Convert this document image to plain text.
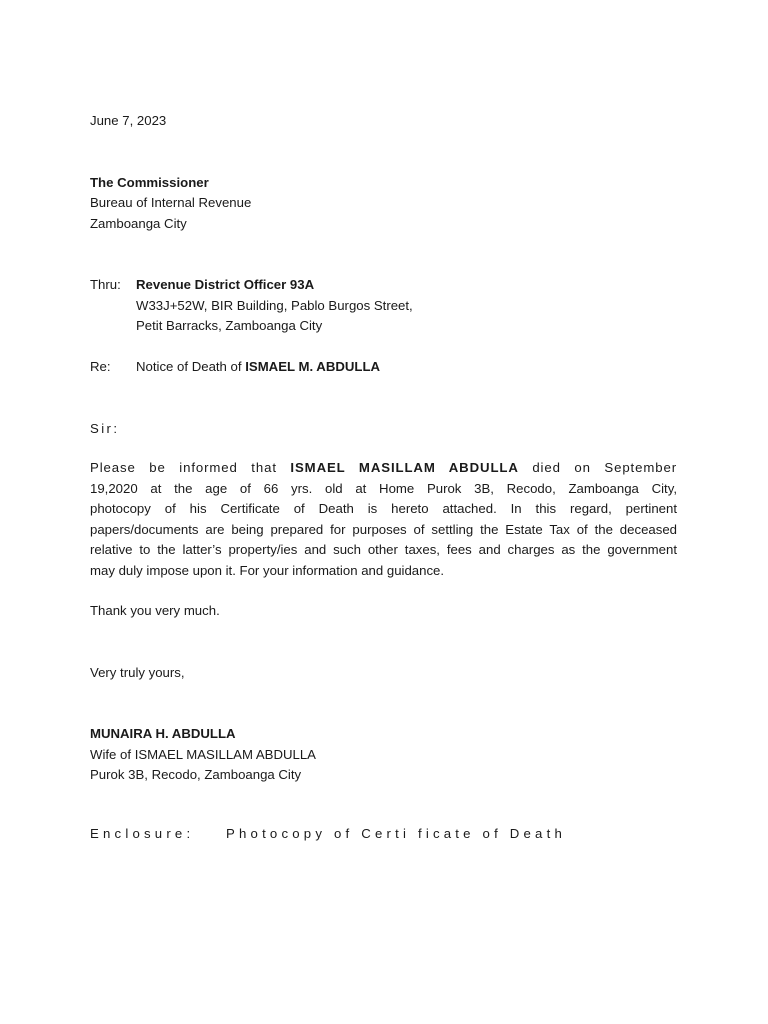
June 7, 2023
The Commissioner
Bureau of Internal Revenue
Zamboanga City
Thru: Revenue District Officer 93A
W33J+52W, BIR Building, Pablo Burgos Street,
Petit Barracks, Zamboanga City
Re: Notice of Death of ISMAEL M. ABDULLA
Sir:
Please be informed that ISMAEL MASILLAM ABDULLA died on September
19,2020 at the age of 66 yrs. old at Home Purok 3B, Recodo, Zamboanga City,
photocopy of his Certificate of Death is hereto attached. In this regard, pertinent
papers/documents are being prepared for purposes of settling the Estate Tax of the deceased
relative to the latter’s property/ies and such other taxes, fees and charges as the government
may duly impose upon it. For your information and guidance.
Thank you very much.
Very truly yours,
MUNAIRA H. ABDULLA
Wife of ISMAEL MASILLAM ABDULLA
Purok 3B, Recodo, Zamboanga City
Enclosure: Photocopy of Certi ficate of Death
